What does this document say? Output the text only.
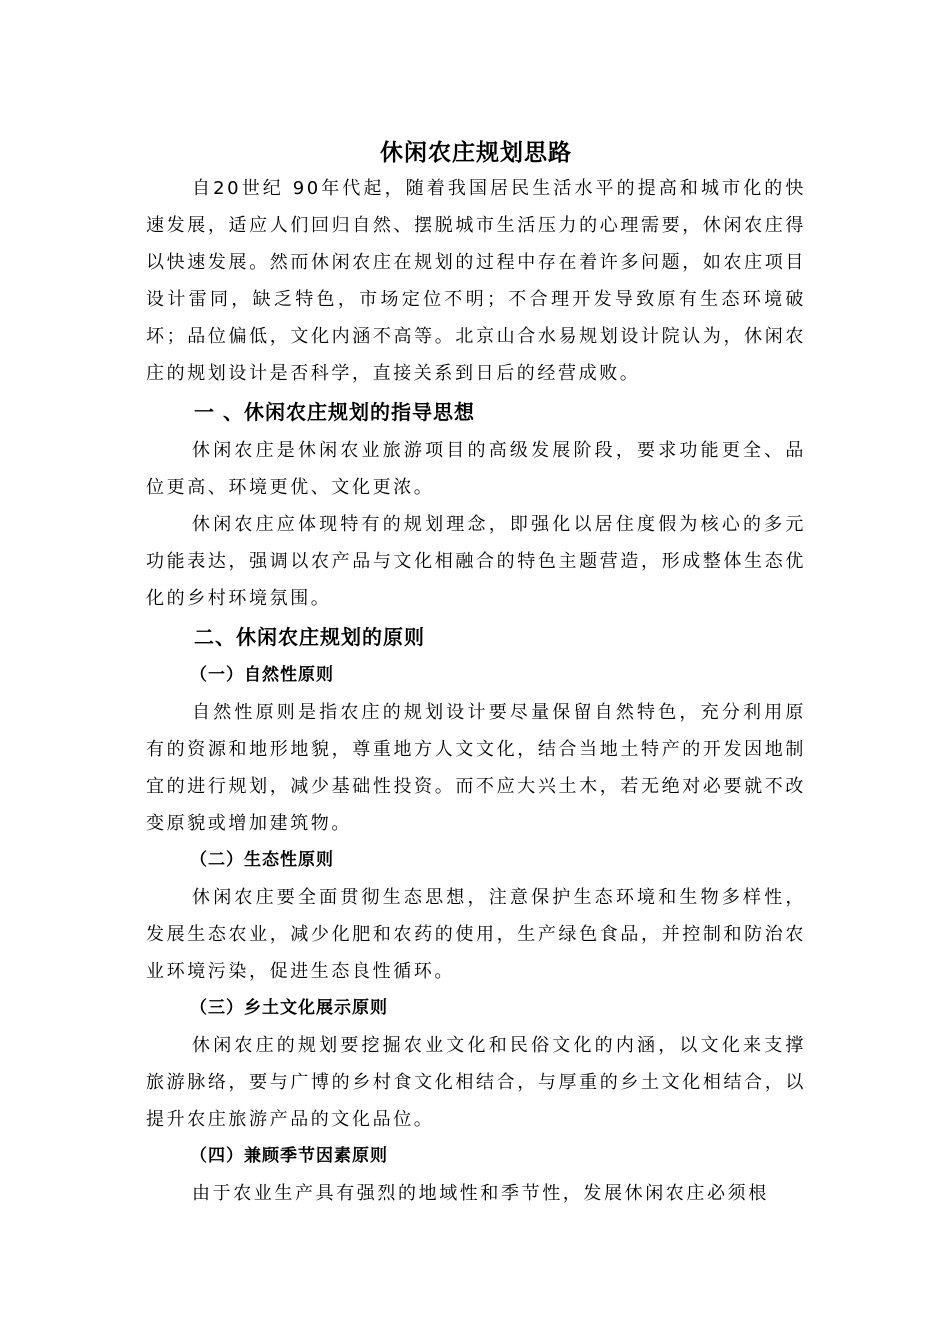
休闲农庄规划思路

自20世纪 90年代起，随着我国居民生活水平的提高和城市化的快速发展，适应人们回归自然、摆脱城市生活压力的心理需要，休闲农庄得以快速发展。然而休闲农庄在规划的过程中存在着许多问题，如农庄项目设计雷同，缺乏特色，市场定位不明；不合理开发导致原有生态环境破坏；品位偏低，文化内涵不高等。北京山合水易规划设计院认为，休闲农庄的规划设计是否科学，直接关系到日后的经营成败。

一 、休闲农庄规划的指导思想

休闲农庄是休闲农业旅游项目的高级发展阶段，要求功能更全、品位更高、环境更优、文化更浓。

休闲农庄应体现特有的规划理念，即强化以居住度假为核心的多元功能表达，强调以农产品与文化相融合的特色主题营造，形成整体生态优化的乡村环境氛围。

二、休闲农庄规划的原则
（一）自然性原则

自然性原则是指农庄的规划设计要尽量保留自然特色，充分利用原有的资源和地形地貌，尊重地方人文文化，结合当地土特产的开发因地制宜的进行规划，减少基础性投资。而不应大兴土木，若无绝对必要就不改变原貌或增加建筑物。

（二）生态性原则

休闲农庄要全面贯彻生态思想，注意保护生态环境和生物多样性，发展生态农业，减少化肥和农药的使用，生产绿色食品，并控制和防治农业环境污染，促进生态良性循环。

（三）乡土文化展示原则

休闲农庄的规划要挖掘农业文化和民俗文化的内涵，以文化来支撑旅游脉络，要与广博的乡村食文化相结合，与厚重的乡土文化相结合，以提升农庄旅游产品的文化品位。

（四）兼顾季节因素原则

由于农业生产具有强烈的地域性和季节性，发展休闲农庄必须根
